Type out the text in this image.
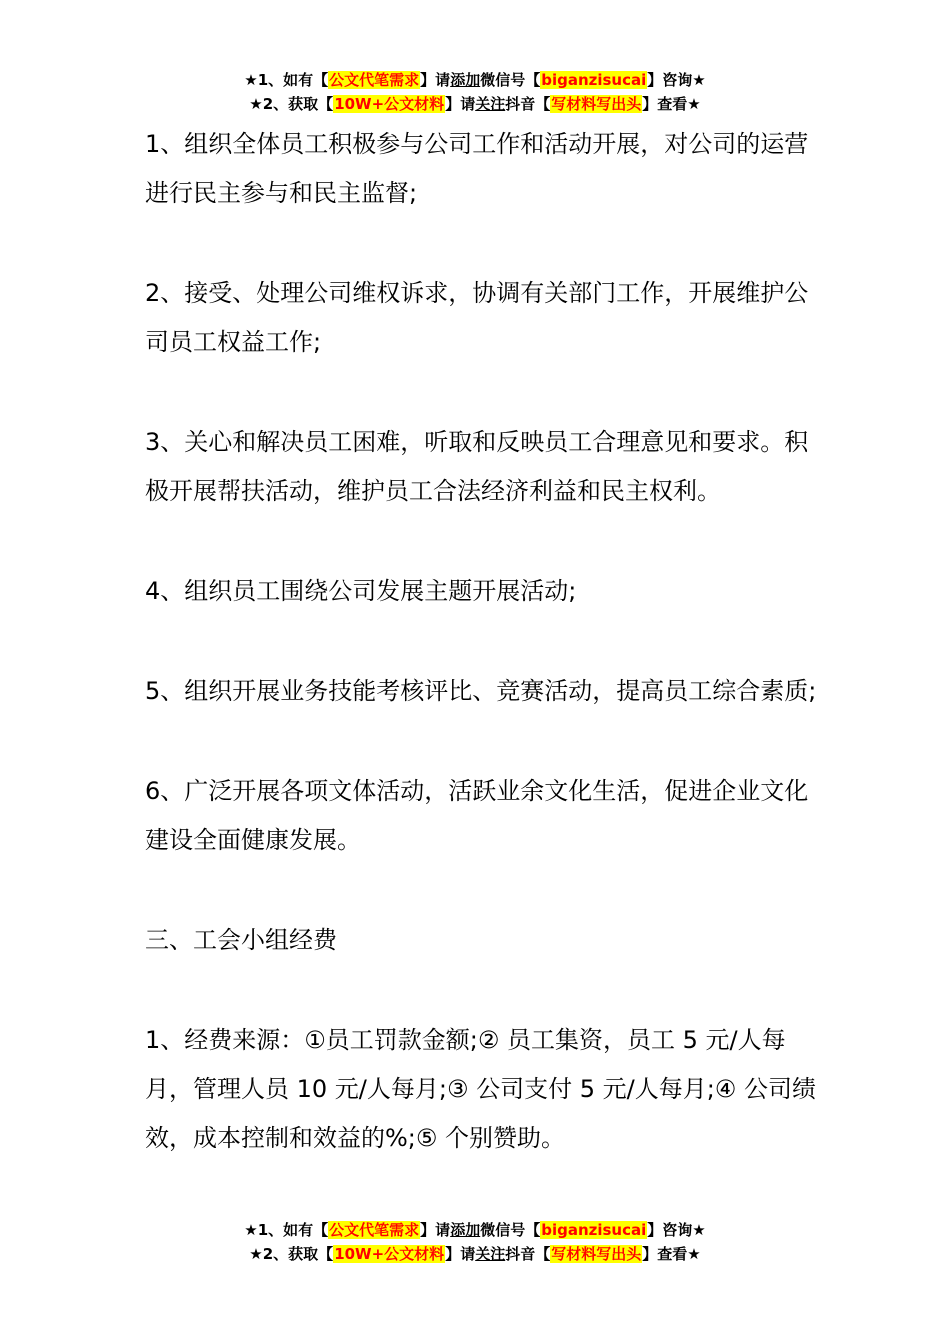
★1、如有【公文代笔需求】请添加微信号【biganzisucai】咨询★
★2、获取【10W+公文材料】请关注抖音【写材料写出头】查看★

1、组织全体员工积极参与公司工作和活动开展，对公司的运营进行民主参与和民主监督;

2、接受、处理公司维权诉求，协调有关部门工作，开展维护公司员工权益工作;

3、关心和解决员工困难，听取和反映员工合理意见和要求。积极开展帮扶活动，维护员工合法经济利益和民主权利。

4、组织员工围绕公司发展主题开展活动;

5、组织开展业务技能考核评比、竞赛活动，提高员工综合素质;

6、广泛开展各项文体活动，活跃业余文化生活，促进企业文化建设全面健康发展。

三、工会小组经费

1、经费来源：①员工罚款金额;② 员工集资，员工 5 元/人每月，管理人员 10 元/人每月;③ 公司支付 5 元/人每月;④ 公司绩效，成本控制和效益的%;⑤ 个别赞助。

★1、如有【公文代笔需求】请添加微信号【biganzisucai】咨询★
★2、获取【10W+公文材料】请关注抖音【写材料写出头】查看★
